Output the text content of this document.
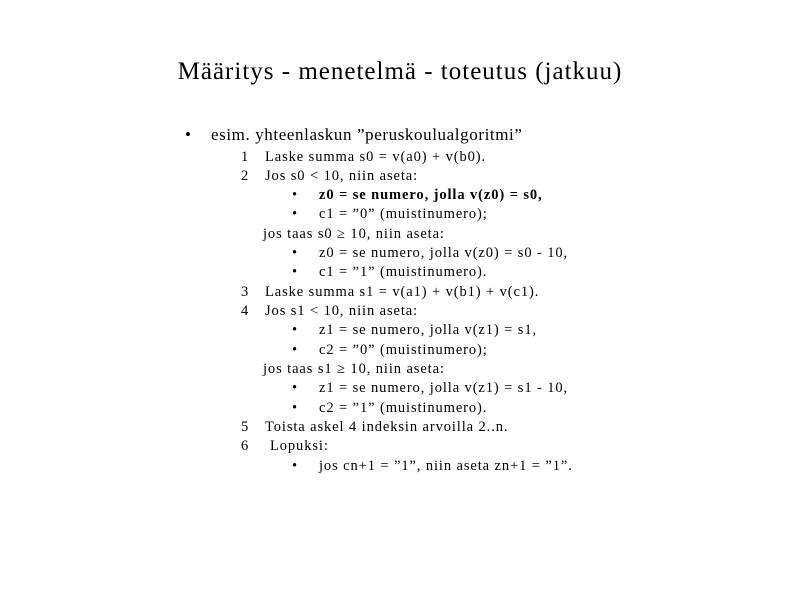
Määritys - menetelmä - toteutus (jatkuu)
• esim. yhteenlaskun ”peruskoulualgoritmi”
1 Laske summa s0 = v(a0) + v(b0).
2 Jos s0 < 10, niin aseta:
• z0 = se numero, jolla v(z0) = s0,
• c1 = ”0” (muistinumero);
jos taas s0 ≥ 10, niin aseta:
• z0 = se numero, jolla v(z0) = s0 - 10,
• c1 = ”1” (muistinumero).
3 Laske summa s1 = v(a1) + v(b1) + v(c1).
4 Jos s1 < 10, niin aseta:
• z1 = se numero, jolla v(z1) = s1,
• c2 = ”0” (muistinumero);
jos taas s1 ≥ 10, niin aseta:
• z1 = se numero, jolla v(z1) = s1 - 10,
• c2 = ”1” (muistinumero).
5 Toista askel 4 indeksin arvoilla 2..n.
6 Lopuksi:
• jos cn+1 = ”1”, niin aseta zn+1 = ”1”.
